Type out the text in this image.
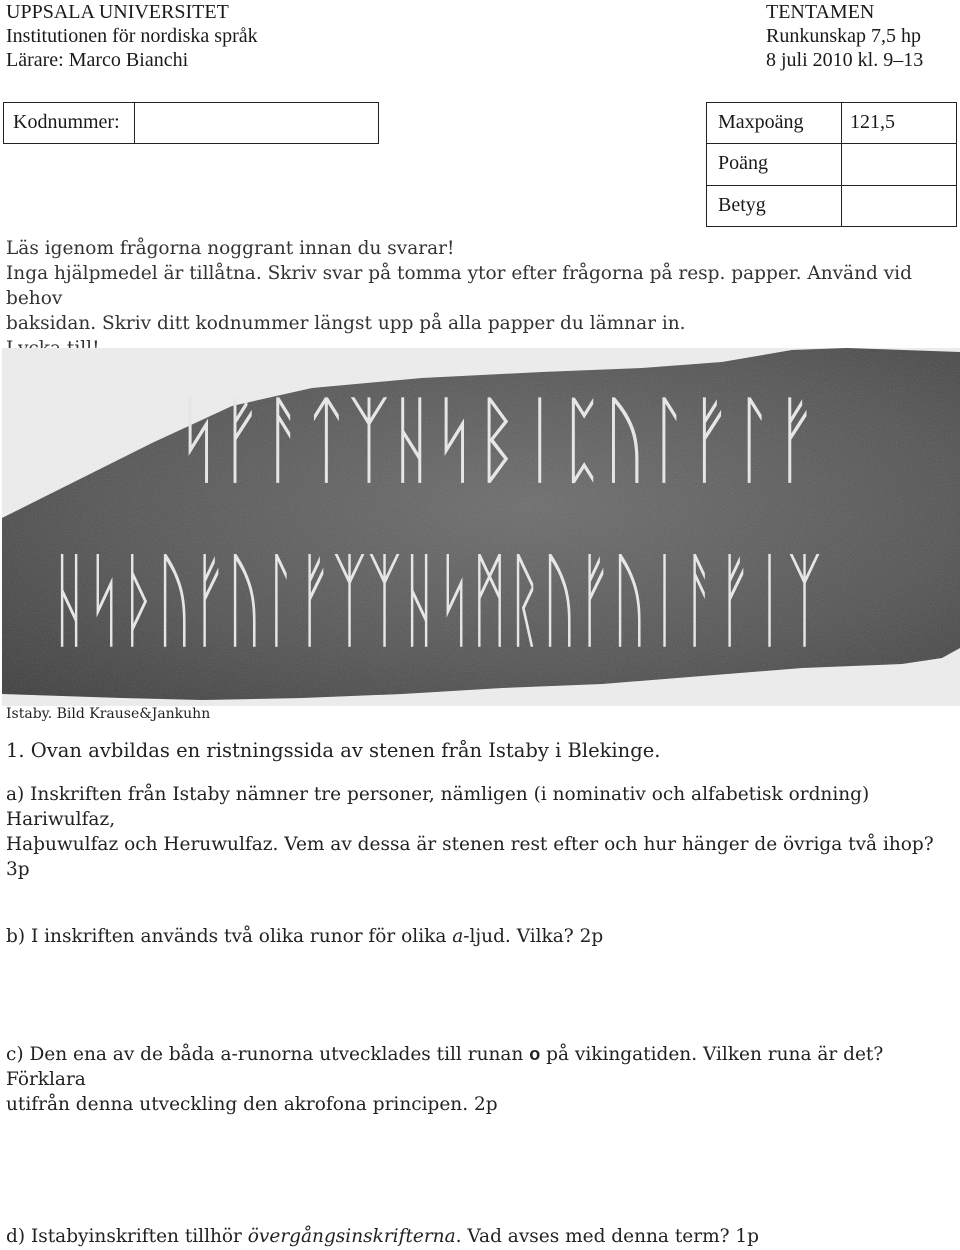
UPPSALA UNIVERSITET
Institutionen för nordiska språk
Lärare: Marco Bianchi
TENTAMEN
Runkunskap 7,5 hp
8 juli 2010 kl. 9–13
Kodnummer:	Maxpoäng 121,5
Poäng
Betyg
Läs igenom frågorna noggrant innan du svarar!
Inga hjälpmedel är tillåtna. Skriv svar på tomma ytor efter frågorna på resp. papper. Använd vid behov
baksidan. Skriv ditt kodnummer längst upp på alla papper du lämnar in.
ᛋᚠᚨᛏᛉᚺᛋᛒᛁᛈᚢᛚᚠᛚᚠ
ᚺᛋᚦᚢᚠᚢᛚᚠᛉᛉᚺᛋᛗᚱᚢᚠᚢᛁᚨᚠᛁᛉ
Istaby. Bild Krause&Jankuhn
1. Ovan avbildas en ristningssida av stenen från Istaby i Blekinge.
a) Inskriften från Istaby nämner tre personer, nämligen (i nominativ och alfabetisk ordning) Hariwulfaz,
Haþuwulfaz och Heruwulfaz. Vem av dessa är stenen rest efter och hur hänger de övriga två ihop? 3p
b) I inskriften används två olika runor för olika a-ljud. Vilka? 2p
c) Den ena av de båda a-runorna utvecklades till runan o på vikingatiden. Vilken runa är det? Förklara
utifrån denna utveckling den akrofona principen. 2p
d) Istabyinskriften tillhör övergångsinskrifterna. Vad avses med denna term? 1p
